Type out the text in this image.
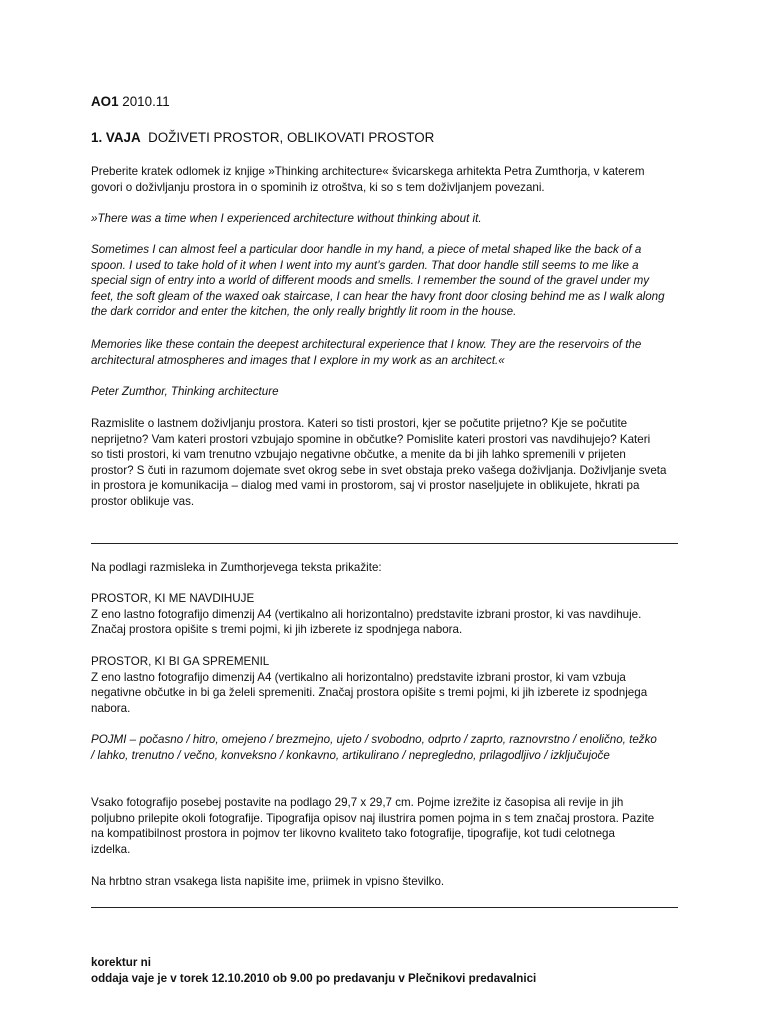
AO1 2010.11
1. VAJA DOŽIVETI PROSTOR, OBLIKOVATI PROSTOR
Preberite kratek odlomek iz knjige »Thinking architecture« švicarskega arhitekta Petra Zumthorja, v katerem
govori o doživljanju prostora in o spominih iz otroštva, ki so s tem doživljanjem povezani.
»There was a time when I experienced architecture without thinking about it.
Sometimes I can almost feel a particular door handle in my hand, a piece of metal shaped like the back of a
spoon. I used to take hold of it when I went into my aunt’s garden. That door handle still seems to me like a
special sign of entry into a world of different moods and smells. I remember the sound of the gravel under my
feet, the soft gleam of the waxed oak staircase, I can hear the havy front door closing behind me as I walk along
the dark corridor and enter the kitchen, the only really brightly lit room in the house.
Memories like these contain the deepest architectural experience that I know. They are the reservoirs of the
architectural atmospheres and images that I explore in my work as an architect.«
Peter Zumthor, Thinking architecture
Razmislite o lastnem doživljanju prostora. Kateri so tisti prostori, kjer se počutite prijetno? Kje se počutite
neprijetno? Vam kateri prostori vzbujajo spomine in občutke? Pomislite kateri prostori vas navdihujejo? Kateri
so tisti prostori, ki vam trenutno vzbujajo negativne občutke, a menite da bi jih lahko spremenili v prijeten
prostor? S čuti in razumom dojemate svet okrog sebe in svet obstaja preko vašega doživljanja. Doživljanje sveta
in prostora je komunikacija – dialog med vami in prostorom, saj vi prostor naseljujete in oblikujete, hkrati pa
prostor oblikuje vas.
Na podlagi razmisleka in Zumthorjevega teksta prikažite:
PROSTOR, KI ME NAVDIHUJE
Z eno lastno fotografijo dimenzij A4 (vertikalno ali horizontalno) predstavite izbrani prostor, ki vas navdihuje.
Značaj prostora opišite s tremi pojmi, ki jih izberete iz spodnjega nabora.
PROSTOR, KI BI GA SPREMENIL
Z eno lastno fotografijo dimenzij A4 (vertikalno ali horizontalno) predstavite izbrani prostor, ki vam vzbuja
negativne občutke in bi ga želeli spremeniti. Značaj prostora opišite s tremi pojmi, ki jih izberete iz spodnjega
nabora.
POJMI – počasno / hitro, omejeno / brezmejno, ujeto / svobodno, odprto / zaprto, raznovrstno / enolično, težko
/ lahko, trenutno / večno, konveksno / konkavno, artikulirano / nepregledno, prilagodljivo / izključujoče
Vsako fotografijo posebej postavite na podlago 29,7 x 29,7 cm. Pojme izrežite iz časopisa ali revije in jih
poljubno prilepite okoli fotografije. Tipografija opisov naj ilustrira pomen pojma in s tem značaj prostora. Pazite
na kompatibilnost prostora in pojmov ter likovno kvaliteto tako fotografije, tipografije, kot tudi celotnega
izdelka.
Na hrbtno stran vsakega lista napišite ime, priimek in vpisno številko.
korektur ni
oddaja vaje je v torek 12.10.2010 ob 9.00 po predavanju v Plečnikovi predavalnici
